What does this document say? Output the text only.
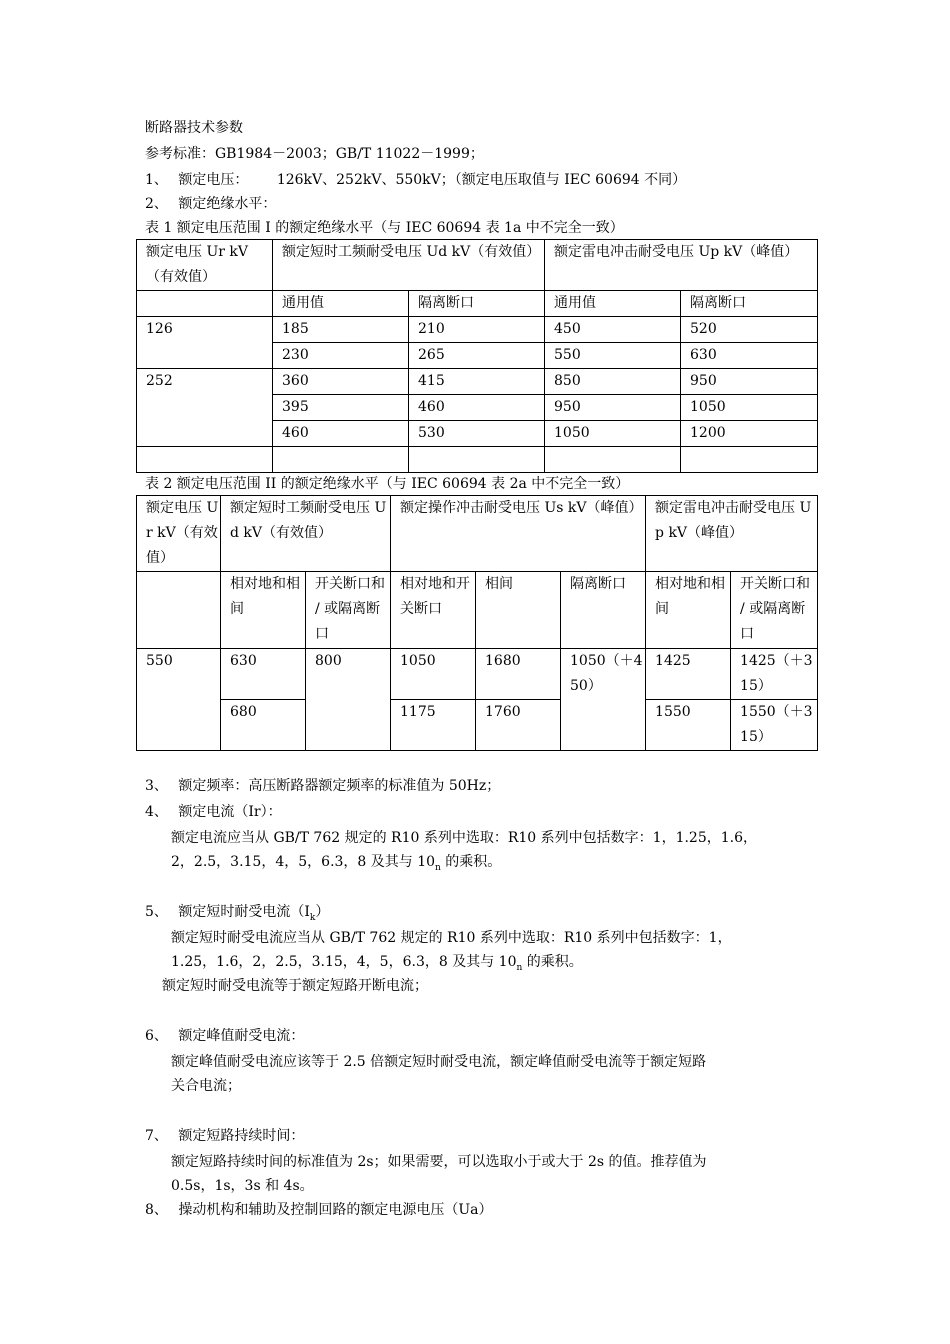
断路器技术参数
参考标准：GB1984－2003；GB/T 11022－1999；
1、 额定电压： 126kV、252kV、550kV；（额定电压取值与 IEC 60694 不同）
2、 额定绝缘水平：
表 1 额定电压范围 I 的额定绝缘水平（与 IEC 60694 表 1a 中不完全一致）
额定电压 Ur kV（有效值）	额定短时工频耐受电压 Ud kV（有效值）		额定雷电冲击耐受电压 Up kV（峰值）	
	通用值	隔离断口	通用值	隔离断口
126	185	210	450	520
	230	265	550	630
252	360	415	850	950
	395	460	950	1050
	460	530	1050	1200

表 2 额定电压范围 II 的额定绝缘水平（与 IEC 60694 表 2a 中不完全一致）
额定电压 Ur kV（有效值）	额定短时工频耐受电压 Ud kV（有效值）		额定操作冲击耐受电压 Us kV（峰值）			额定雷电冲击耐受电压 Up kV（峰值）	
	相对地和相间	开关断口和 / 或隔离断口	相对地和开关断口	相间	隔离断口	相对地和相间	开关断口和 / 或隔离断口
550	630	800	1050	1680	1050（＋450）	1425	1425（＋315）
	680		1175	1760		1550	1550（＋315）
3、 额定频率：高压断路器额定频率的标准值为 50Hz；
4、 额定电流（Ir）：
额定电流应当从 GB/T 762 规定的 R10 系列中选取：R10 系列中包括数字：1，1.25，1.6，
2，2.5，3.15，4，5，6.3，8 及其与 $10_n$ 的乘积。
5、 额定短时耐受电流$(I_k)$
额定短时耐受电流应当从 GB/T 762 规定的 R10 系列中选取：R10 系列中包括数字：1，
1.25，1.6，2，2.5，3.15，4，5，6.3，8 及其与 $10_n$ 的乘积。
额定短时耐受电流等于额定短路开断电流；
6、 额定峰值耐受电流：
额定峰值耐受电流应该等于 2.5 倍额定短时耐受电流，额定峰值耐受电流等于额定短路
关合电流；
7、 额定短路持续时间：
额定短路持续时间的标准值为 2s；如果需要，可以选取小于或大于 2s 的值。推荐值为
0.5s，1s，3s 和 4s。
8、 操动机构和辅助及控制回路的额定电源电压（Ua）
